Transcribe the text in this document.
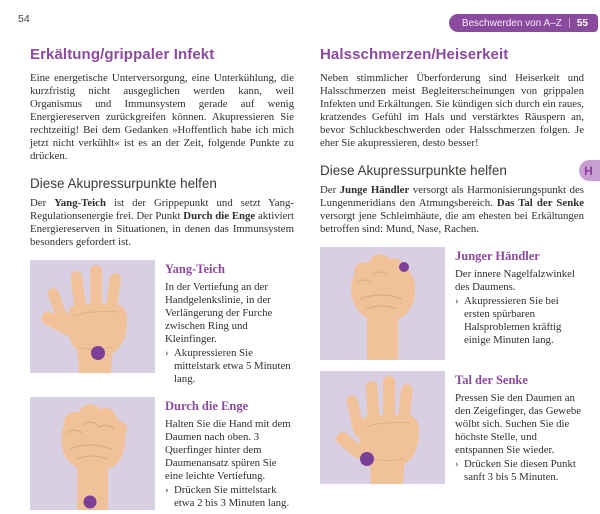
54	Beschwerden von A–Z 55
H
Erkältung/grippaler Infekt

Eine energetische Unterversorgung, eine Unterkühlung, die kurzfristig nicht ausgeglichen werden kann, weil Organismus und Immunsystem gerade auf wenig Energiereserven zurückgreifen können. Akupressieren Sie rechtzeitig! Bei dem Gedanken »Hoffentlich habe ich mich jetzt nicht verkühlt« ist es an der Zeit, folgende Punkte zu drücken.

Diese Akupressurpunkte helfen

Der Yang-Teich ist der Grippepunkt und setzt Yang-Regulationsenergie frei. Der Punkt Durch die Enge aktiviert Energiereserven in Situationen, in denen das Immunsystem besonders gefordert ist.

Yang-Teich

In der Vertiefung an der Handgelenkslinie, in der Verlängerung der Furche zwischen Ring und Kleinfinger.

› Akupressieren Sie mittelstark etwa 5 Minuten lang.
Durch die Enge

Halten Sie die Hand mit dem Daumen nach oben. 3 Querfinger hinter dem Daumenansatz spüren Sie eine leichte Vertiefung.

› Drücken Sie mittelstark etwa 2 bis 3 Minuten lang.
Halsschmerzen/Heiserkeit

Neben stimmlicher Überforderung sind Heiserkeit und Halsschmerzen meist Begleiterscheinungen von grippalen Infekten und Erkältungen. Sie kündigen sich durch ein raues, kratzendes Gefühl im Hals und verstärktes Räuspern an, bevor Schluckbeschwerden oder Halsschmerzen folgen. Je eher Sie akupressieren, desto besser!

Diese Akupressurpunkte helfen

Der Junge Händler versorgt als Harmonisierungspunkt des Lungenmeridians den Atmungsbereich. Das Tal der Senke versorgt jene Schleimhäute, die am ehesten bei Erkältungen betroffen sind: Mund, Nase, Rachen.

Junger Händler

Der innere Nagelfalzwinkel des Daumens.

› Akupressieren Sie bei ersten spürbaren Halsproblemen kräftig einige Minuten lang.
Tal der Senke

Pressen Sie den Daumen an den Zeigefinger, das Gewebe wölbt sich. Suchen Sie die höchste Stelle, und entspannen Sie wieder.

› Drücken Sie diesen Punkt sanft 3 bis 5 Minuten.
